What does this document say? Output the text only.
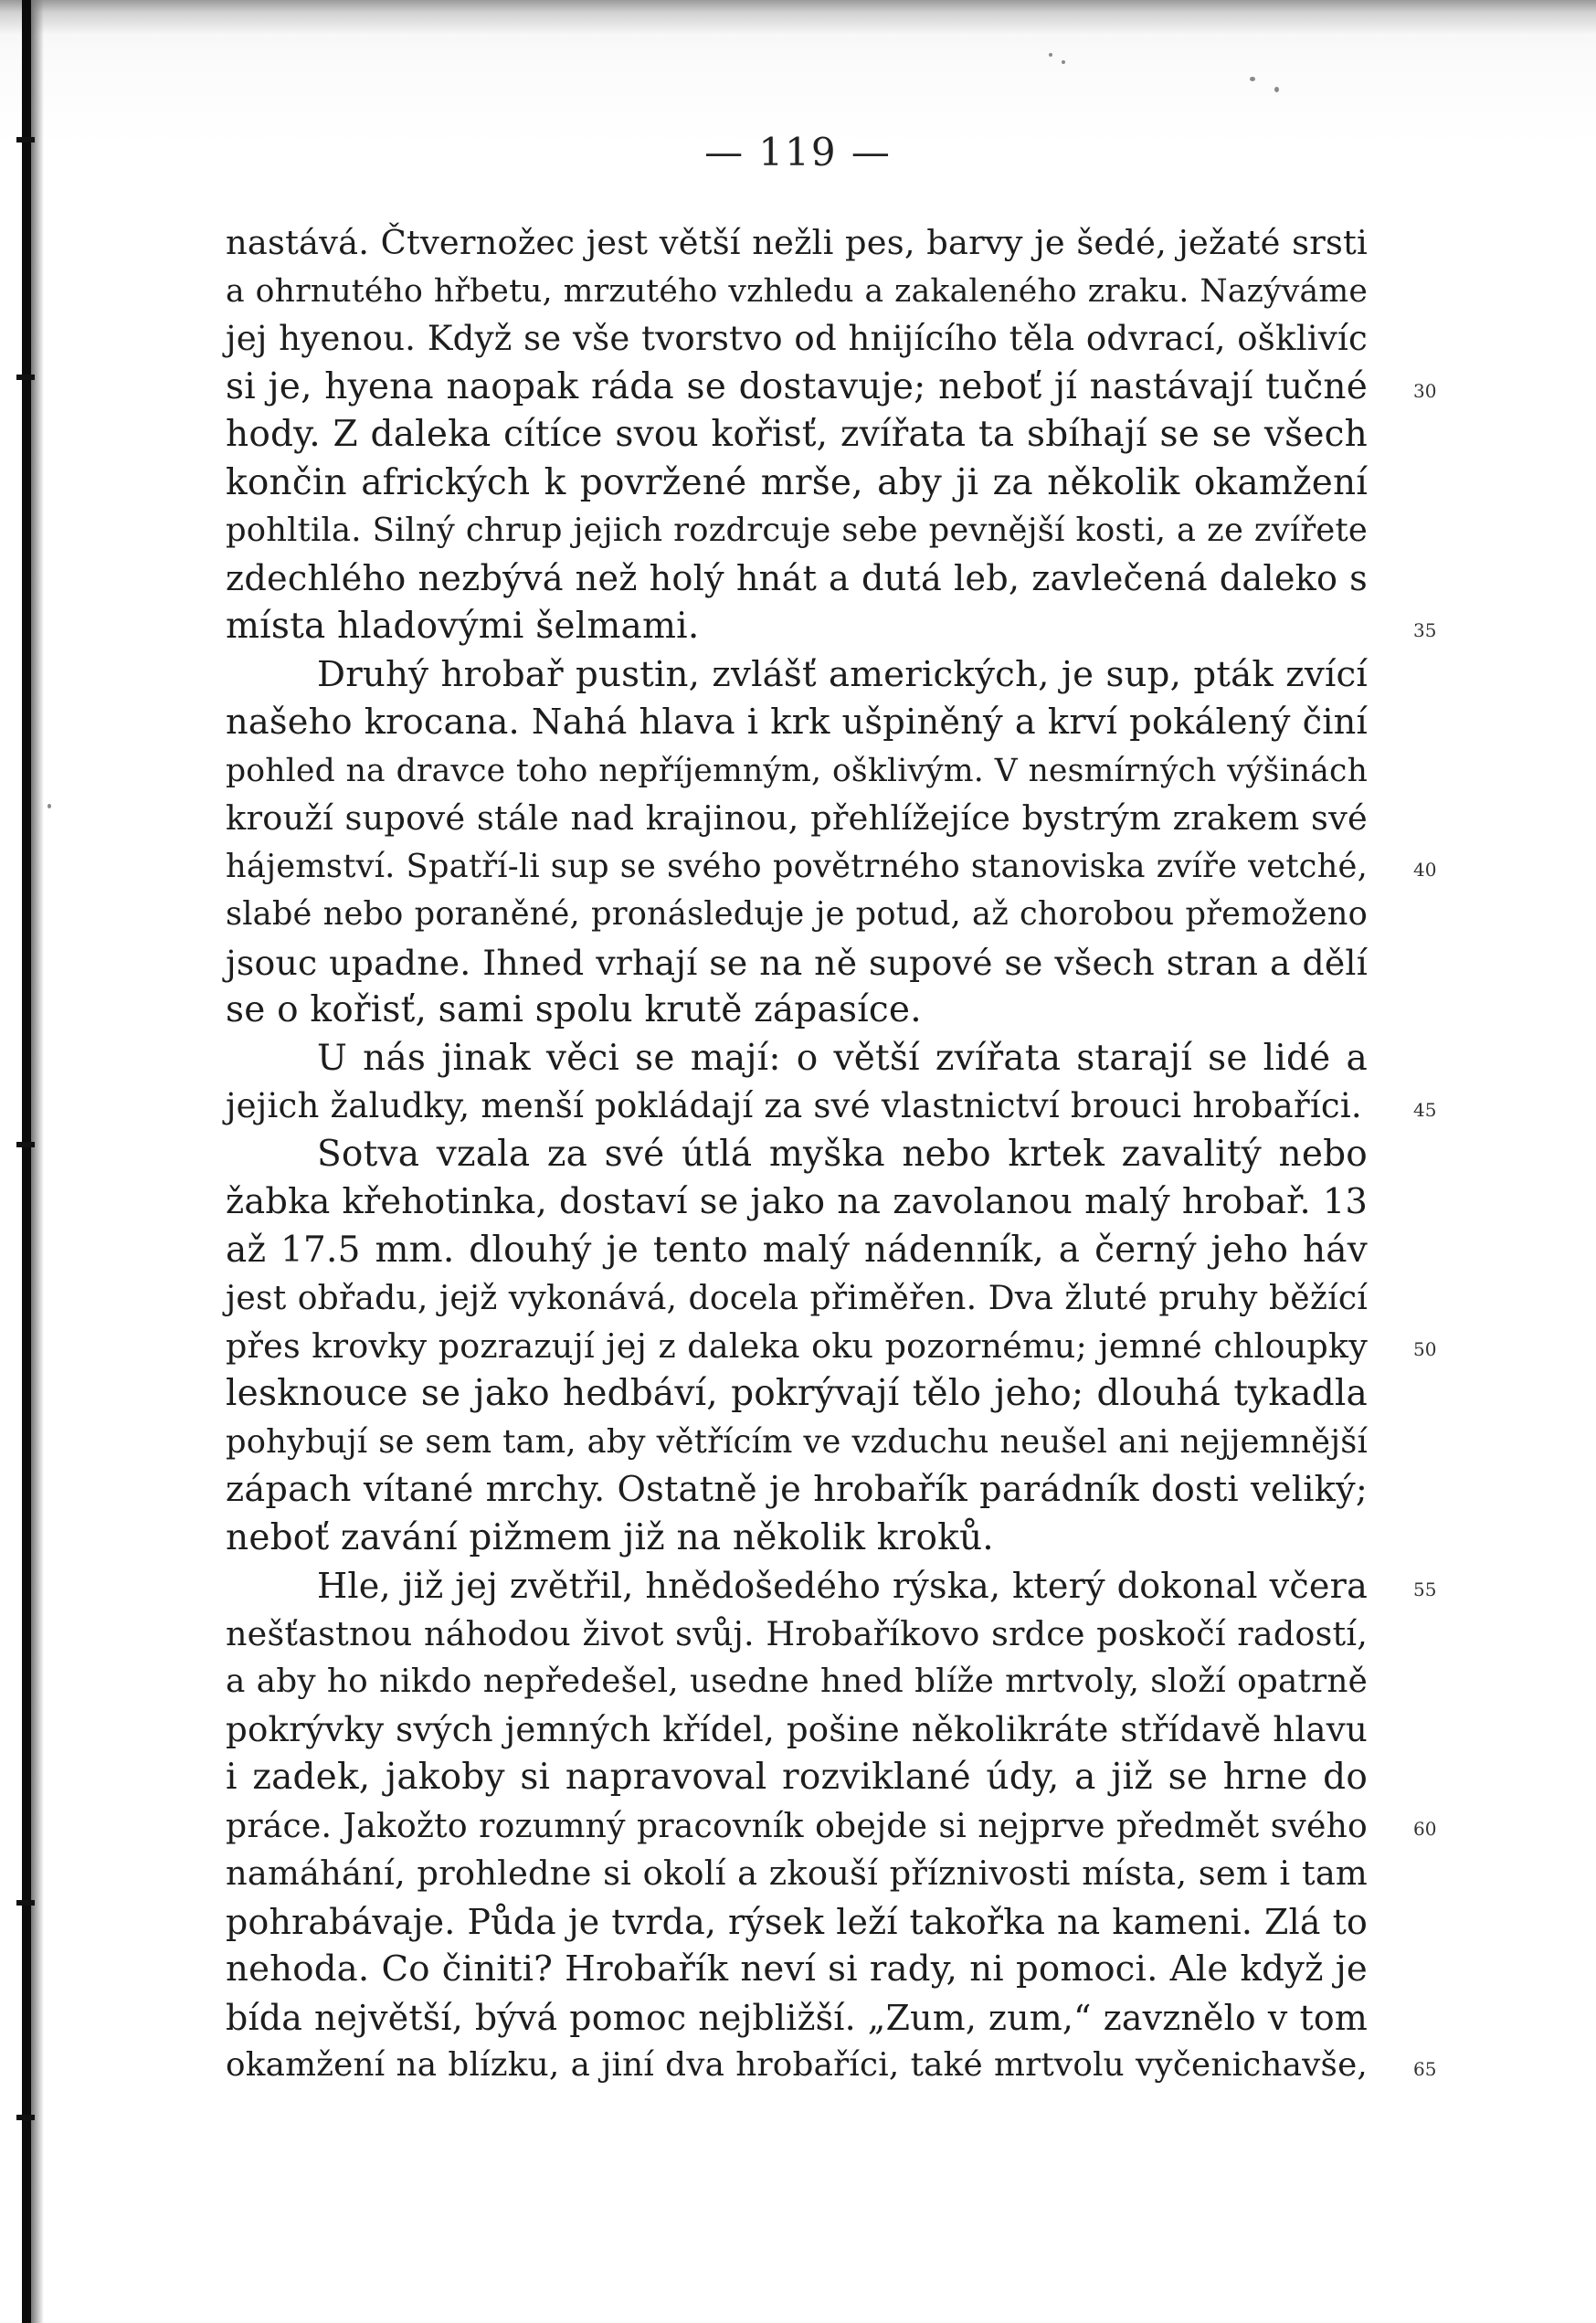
— 119 —
nastává. Čtvernožec jest větší nežli pes, barvy je šedé, ježaté srsti
a ohrnutého hřbetu, mrzutého vzhledu a zakaleného zraku. Nazýváme
jej hyenou. Když se vše tvorstvo od hnijícího těla odvrací, ošklivíc
si je, hyena naopak ráda se dostavuje; neboť jí nastávají tučné
hody. Z daleka cítíce svou kořisť, zvířata ta sbíhají se se všech
končin afrických k povržené mrše, aby ji za několik okamžení
pohltila. Silný chrup jejich rozdrcuje sebe pevnější kosti, a ze zvířete
zdechlého nezbývá než holý hnát a dutá leb, zavlečená daleko s
místa hladovými šelmami.
Druhý hrobař pustin, zvlášť amerických, je sup, pták zvící
našeho krocana. Nahá hlava i krk ušpiněný a krví pokálený činí
pohled na dravce toho nepříjemným, ošklivým. V nesmírných výšinách
krouží supové stále nad krajinou, přehlížejíce bystrým zrakem své
hájemství. Spatří-li sup se svého povětrného stanoviska zvíře vetché,
slabé nebo poraněné, pronásleduje je potud, až chorobou přemoženo
jsouc upadne. Ihned vrhají se na ně supové se všech stran a dělí
se o kořisť, sami spolu krutě zápasíce.
U nás jinak věci se mají: o větší zvířata starají se lidé a
jejich žaludky, menší pokládají za své vlastnictví brouci hrobaříci.
Sotva vzala za své útlá myška nebo krtek zavalitý nebo
žabka křehotinka, dostaví se jako na zavolanou malý hrobař. 13
až 17.5 mm. dlouhý je tento malý nádenník, a černý jeho háv
jest obřadu, jejž vykonává, docela přiměřen. Dva žluté pruhy běžící
přes krovky pozrazují jej z daleka oku pozornému; jemné chloupky
lesknouce se jako hedbáví, pokrývají tělo jeho; dlouhá tykadla
pohybují se sem tam, aby větřícím ve vzduchu neušel ani nejjemnější
zápach vítané mrchy. Ostatně je hrobařík parádník dosti veliký;
neboť zavání pižmem již na několik kroků.
Hle, již jej zvětřil, hnědošedého rýska, který dokonal včera
nešťastnou náhodou život svůj. Hrobaříkovo srdce poskočí radostí,
a aby ho nikdo nepředešel, usedne hned blíže mrtvoly, složí opatrně
pokrývky svých jemných křídel, pošine několikráte střídavě hlavu
i zadek, jakoby si napravoval rozviklané údy, a již se hrne do
práce. Jakožto rozumný pracovník obejde si nejprve předmět svého
namáhání, prohledne si okolí a zkouší příznivosti místa, sem i tam
pohrabávaje. Půda je tvrda, rýsek leží takořka na kameni. Zlá to
nehoda. Co činiti? Hrobařík neví si rady, ni pomoci. Ale když je
bída největší, bývá pomoc nejbližší. „Zum, zum,“ zavznělo v tom
okamžení na blízku, a jiní dva hrobaříci, také mrtvolu vyčenichavše,
30
35
40
45
50
55
60
65
